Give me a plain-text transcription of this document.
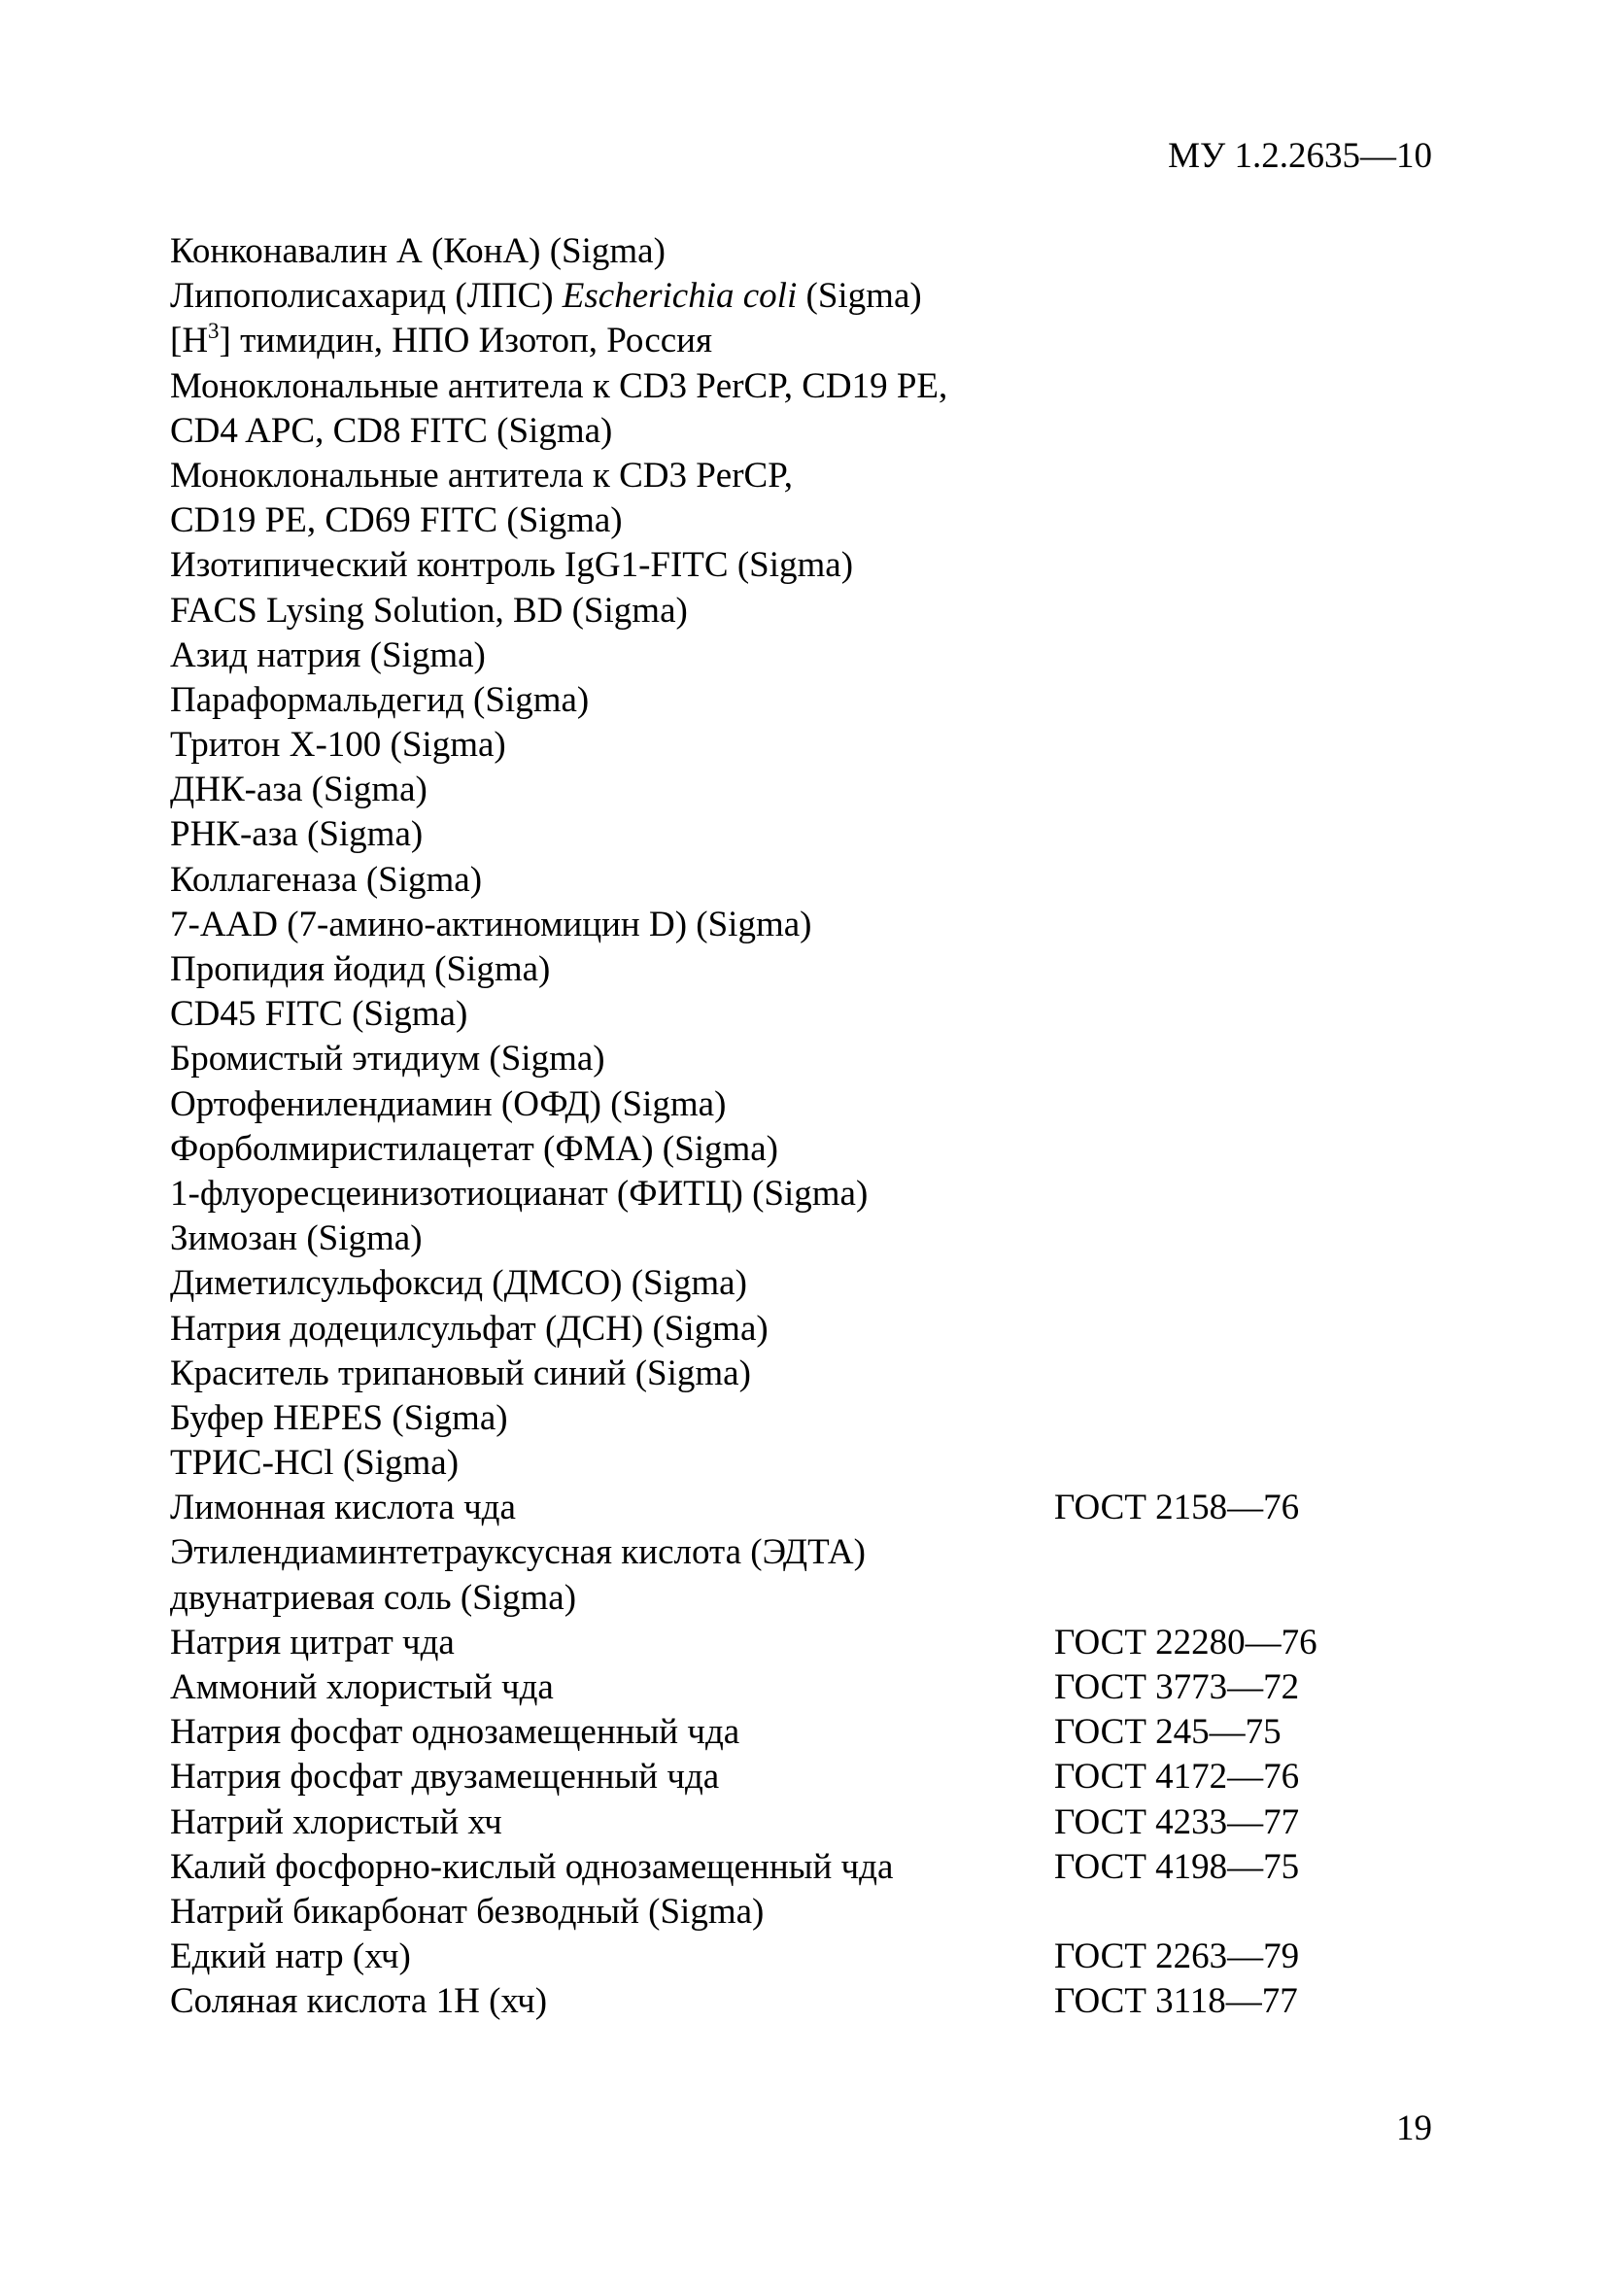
МУ 1.2.2635—10
Конконавалин А (КонА) (Sigma)
Липополисахарид (ЛПС) Escherichia coli (Sigma)
$[H^3]$ тимидин, НПО Изотоп, Россия
Моноклональные антитела к CD3 PerCP, CD19 PE,
CD4 APC, CD8 FITC (Sigma)
Моноклональные антитела к CD3 PerCP,
CD19 PE, CD69 FITC (Sigma)
Изотипический контроль IgG1-FITC (Sigma)
FACS Lysing Solution, BD (Sigma)
Азид натрия (Sigma)
Параформальдегид (Sigma)
Тритон X-100 (Sigma)
ДНК-аза (Sigma)
РНК-аза (Sigma)
Коллагеназа (Sigma)
7-AAD (7-амино-актиномицин D) (Sigma)
Пропидия йодид (Sigma)
CD45 FITC (Sigma)
Бромистый этидиум (Sigma)
Ортофенилендиамин (ОФД) (Sigma)
Форболмиристилацетат (ФМА) (Sigma)
1-флуоресцеинизотиоцианат (ФИТЦ) (Sigma)
Зимозан (Sigma)
Диметилсульфоксид (ДМСО) (Sigma)
Натрия додецилсульфат (ДСН) (Sigma)
Краситель трипановый синий (Sigma)
Буфер HEPES (Sigma)
ТРИС-HCl (Sigma)
Лимонная кислота чда	ГОСТ 2158—76
Этилендиаминтетрауксусная кислота (ЭДТА)
двунатриевая соль (Sigma)
Натрия цитрат чда	ГОСТ 22280—76
Аммоний хлористый чда	ГОСТ 3773—72
Натрия фосфат однозамещенный чда	ГОСТ 245—75
Натрия фосфат двузамещенный чда	ГОСТ 4172—76
Натрий хлористый хч	ГОСТ 4233—77
Калий фосфорно-кислый однозамещенный чда	ГОСТ 4198—75
Натрий бикарбонат безводный (Sigma)
Едкий натр (хч)	ГОСТ 2263—79
Соляная кислота 1Н (хч)	ГОСТ 3118—77
19
